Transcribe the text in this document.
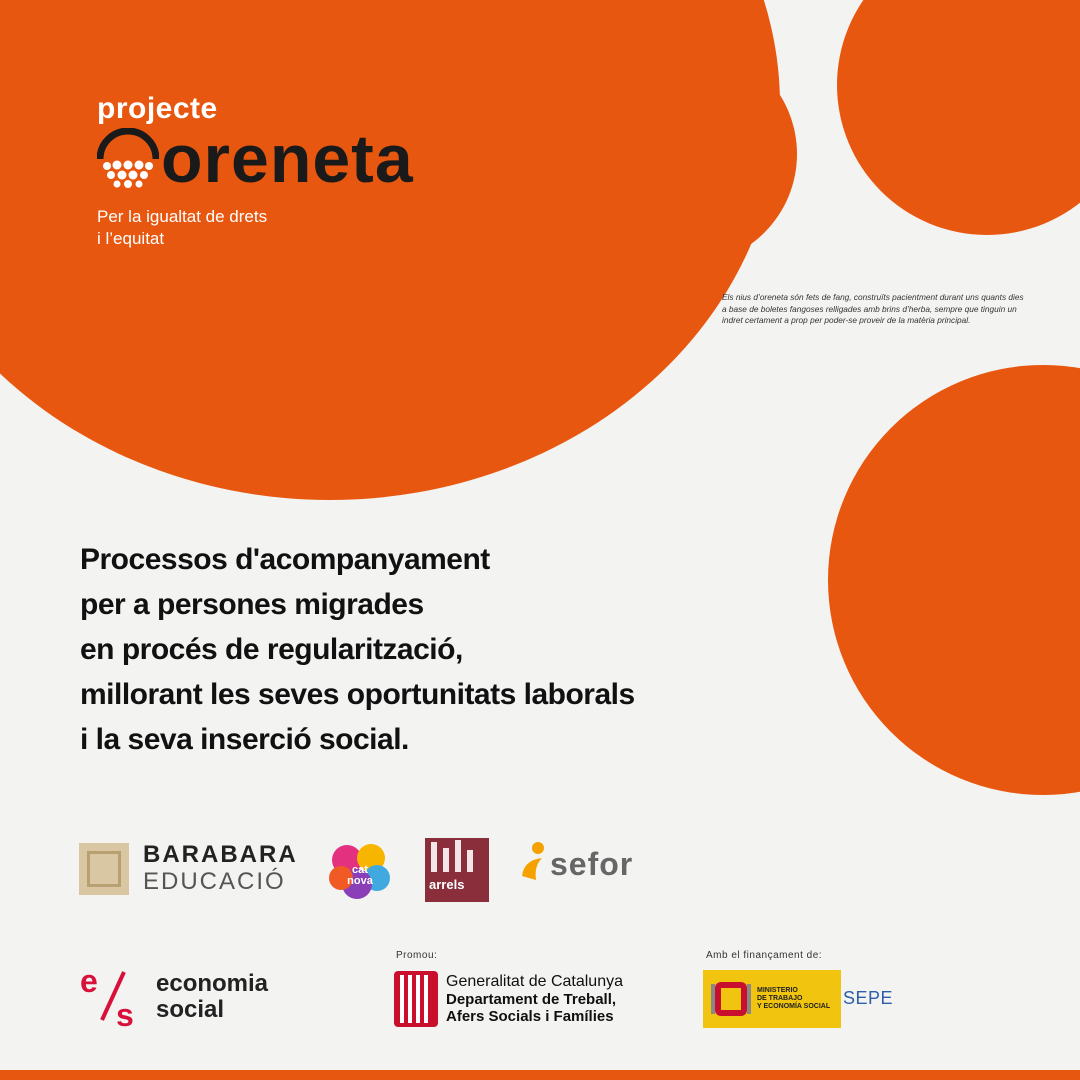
projecte
oreneta
Per la igualtat de drets
i l’equitat
Els nius d’oreneta són fets de fang, construïts pacientment durant uns quants dies a base de boletes fangoses relligades amb brins d’herba, sempre que tinguin un indret certament a prop per poder-se proveir de la matèria principal.
Processos d'acompanyament
per a persones migrades
en procés de regularització,
millorant les seves oportunitats laborals
i la seva inserció social.
BARABARA
EDUCACIÓ	cat
nova	arrels
sefor
e
s
economia
social
Promou:
Generalitat de Catalunya
Departament de Treball,
Afers Socials i Famílies
Amb el finançament de:
MINISTERIO
DE TRABAJO
Y ECONOMÍA SOCIAL SEPE
